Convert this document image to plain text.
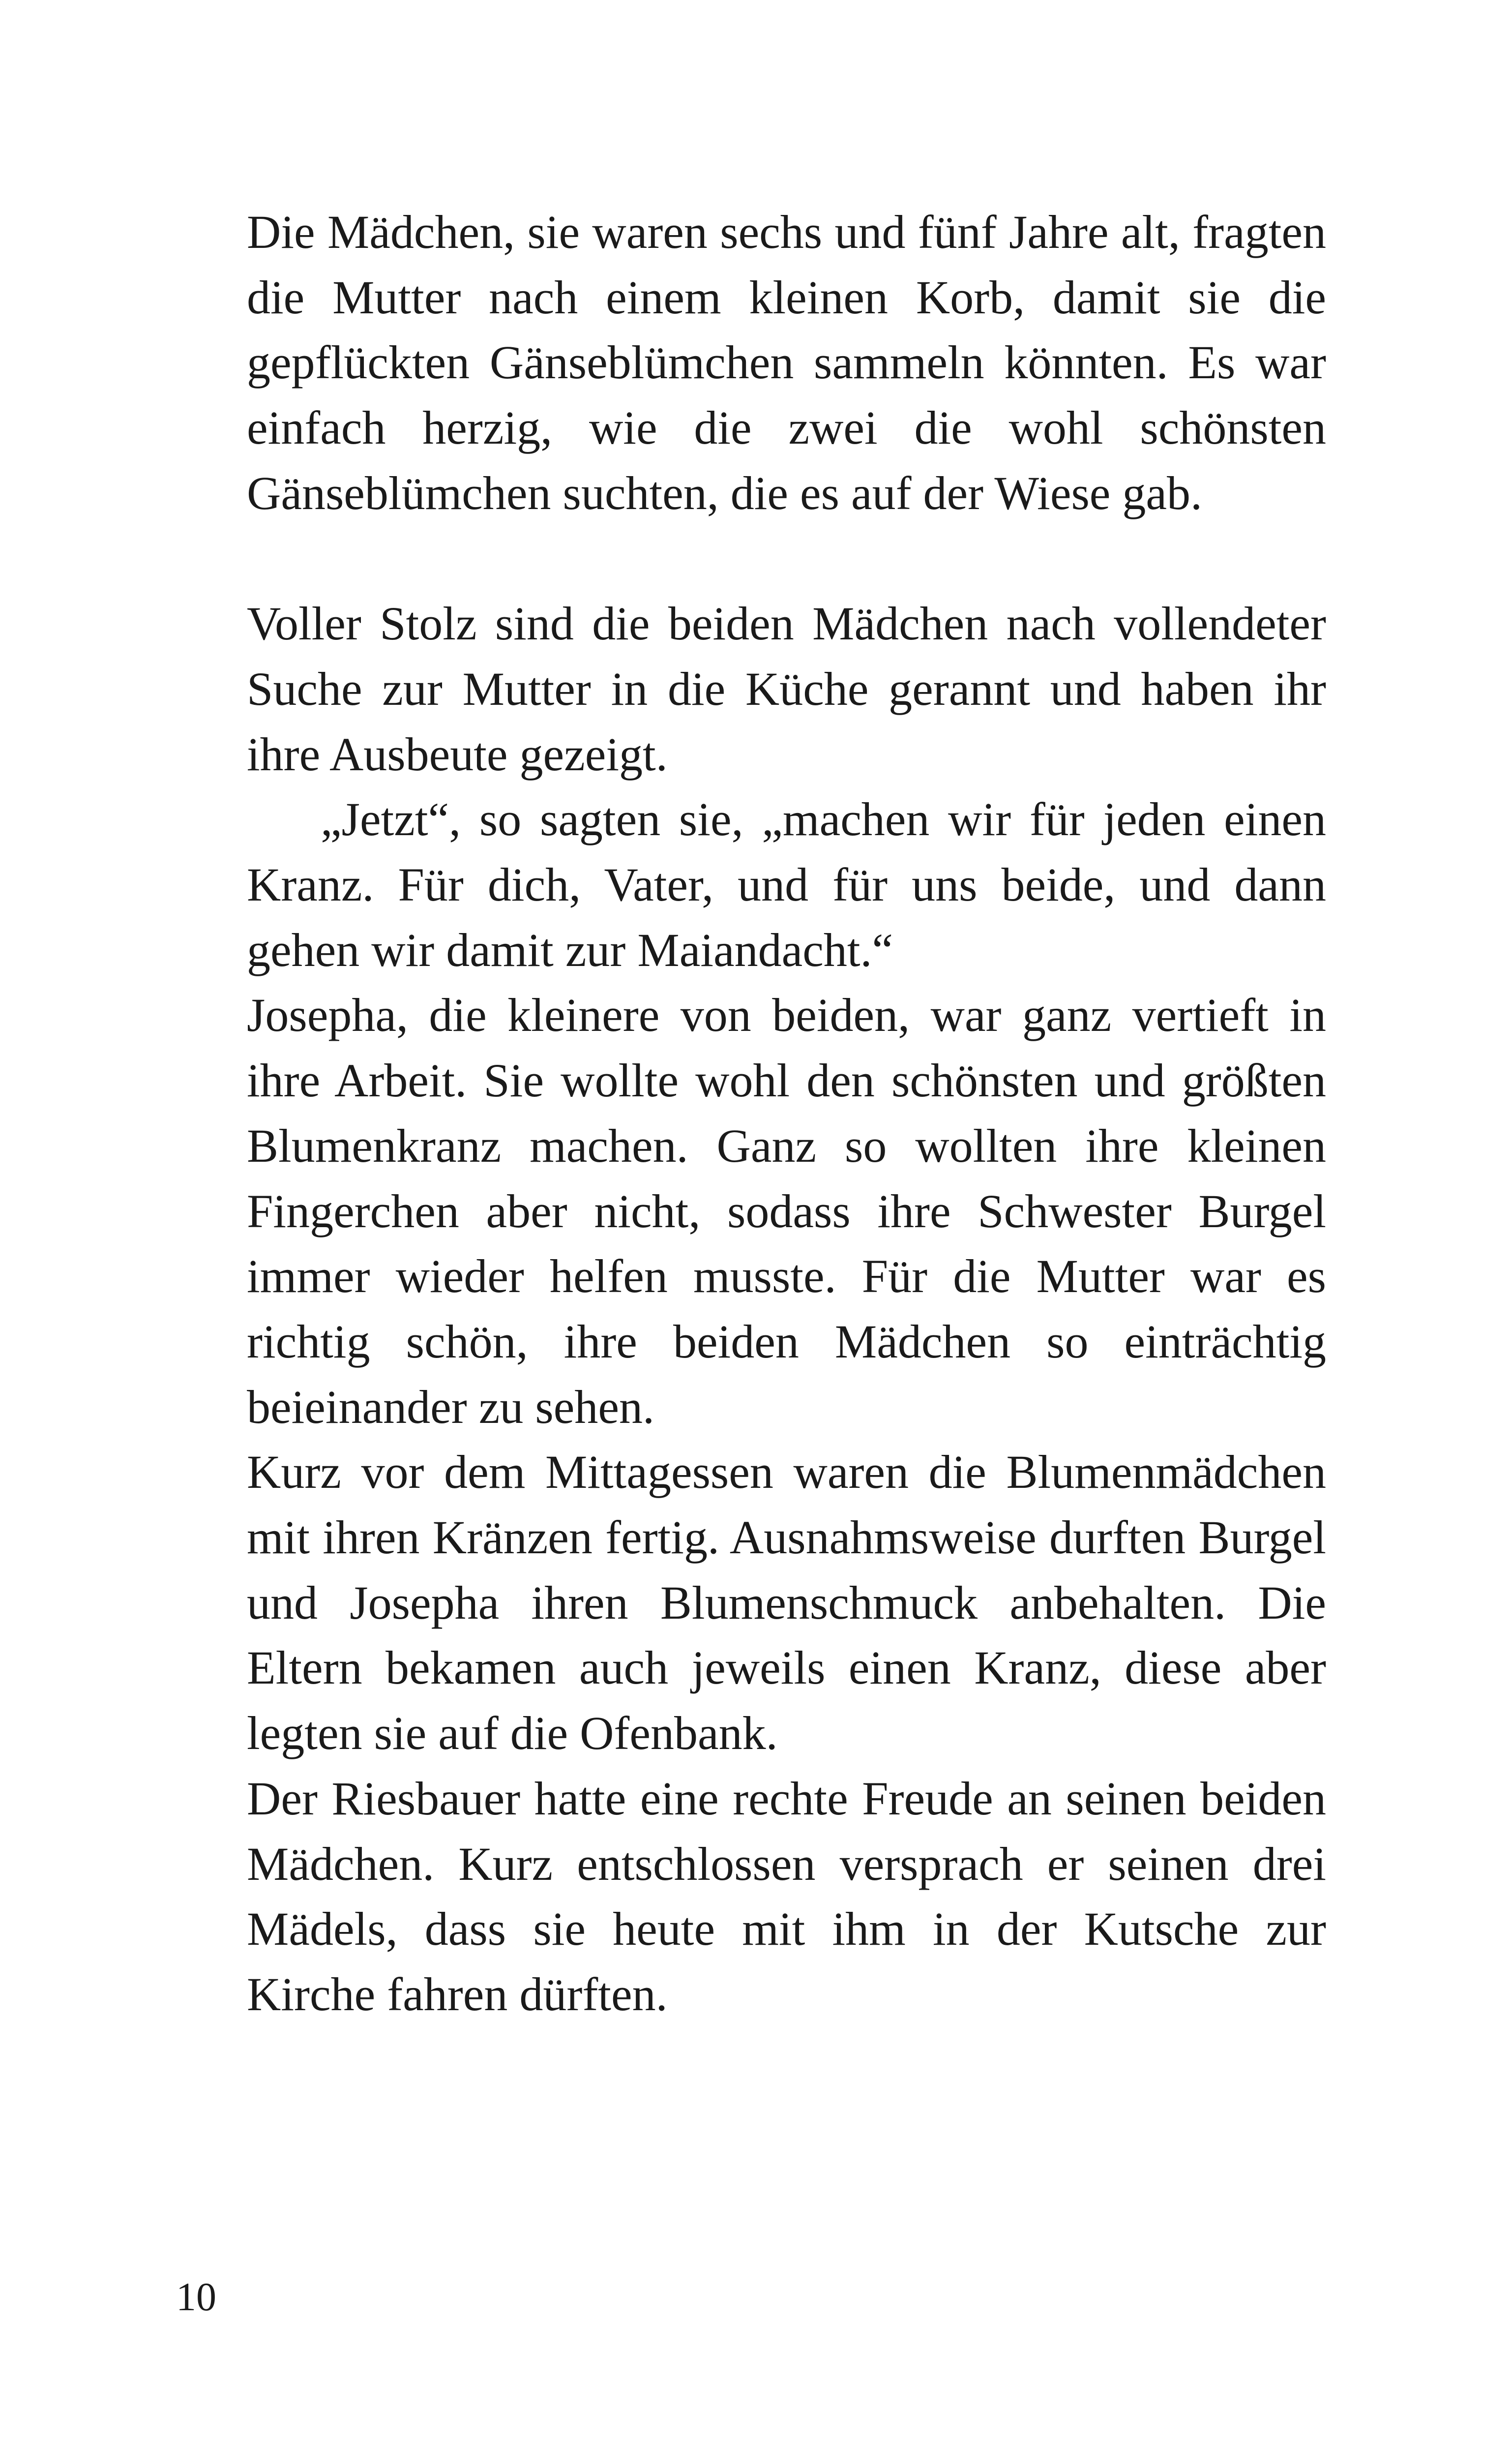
Die Mädchen, sie waren sechs und fünf Jahre alt, fragten die Mutter nach einem kleinen Korb, damit sie die gepflückten Gänseblümchen sammeln könnten. Es war einfach herzig, wie die zwei die wohl schönsten Gänseblümchen suchten, die es auf der Wiese gab.

Voller Stolz sind die beiden Mädchen nach vollendeter Suche zur Mutter in die Küche gerannt und haben ihr ihre Ausbeute gezeigt.

„Jetzt“, so sagten sie, „machen wir für jeden einen Kranz. Für dich, Vater, und für uns beide, und dann gehen wir damit zur Maiandacht.“

Josepha, die kleinere von beiden, war ganz vertieft in ihre Arbeit. Sie wollte wohl den schönsten und größten Blumenkranz machen. Ganz so wollten ihre kleinen Fingerchen aber nicht, sodass ihre Schwester Burgel immer wieder helfen musste. Für die Mutter war es richtig schön, ihre beiden Mädchen so einträchtig beieinander zu sehen.

Kurz vor dem Mittagessen waren die Blumenmädchen mit ihren Kränzen fertig. Ausnahmsweise durften Burgel und Josepha ihren Blumenschmuck anbehalten. Die Eltern bekamen auch jeweils einen Kranz, diese aber legten sie auf die Ofenbank.

Der Riesbauer hatte eine rechte Freude an seinen beiden Mädchen. Kurz entschlossen versprach er seinen drei Mädels, dass sie heute mit ihm in der Kutsche zur Kirche fahren dürften.

10
